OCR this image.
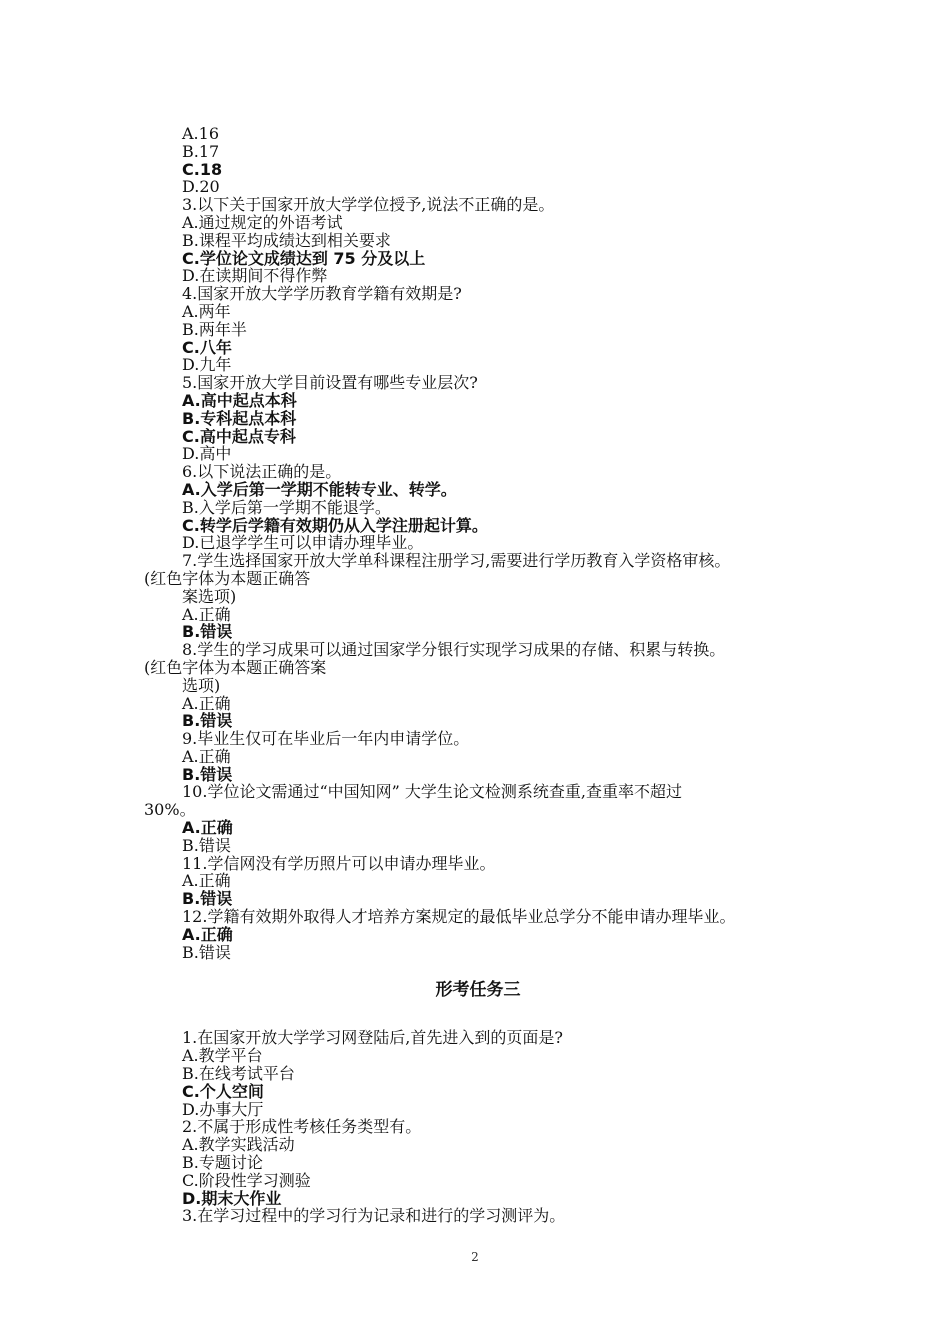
A.16
B.17
C.18
D.20
3.以下关于国家开放大学学位授予,说法不正确的是。
A.通过规定的外语考试
B.课程平均成绩达到相关要求
C.学位论文成绩达到 75 分及以上
D.在读期间不得作弊
4.国家开放大学学历教育学籍有效期是?
A.两年
B.两年半
C.八年
D.九年
5.国家开放大学目前设置有哪些专业层次?
A.高中起点本科
B.专科起点本科
C.高中起点专科
D.高中
6.以下说法正确的是。
A.入学后第一学期不能转专业、转学。
B.入学后第一学期不能退学。
C.转学后学籍有效期仍从入学注册起计算。
D.已退学学生可以申请办理毕业。
7.学生选择国家开放大学单科课程注册学习,需要进行学历教育入学资格审核。
(红色字体为本题正确答
案选项)
A.正确
B.错误
8.学生的学习成果可以通过国家学分银行实现学习成果的存储、积累与转换。
(红色字体为本题正确答案
选项)
A.正确
B.错误
9.毕业生仅可在毕业后一年内申请学位。
A.正确
B.错误
10.学位论文需通过“中国知网” 大学生论文检测系统查重,查重率不超过
30%。
A.正确
B.错误
11.学信网没有学历照片可以申请办理毕业。
A.正确
B.错误
12.学籍有效期外取得人才培养方案规定的最低毕业总学分不能申请办理毕业。
A.正确
B.错误
形考任务三
1.在国家开放大学学习网登陆后,首先进入到的页面是?
A.教学平台
B.在线考试平台
C.个人空间
D.办事大厅
2.不属于形成性考核任务类型有。
A.教学实践活动
B.专题讨论
C.阶段性学习测验
D.期末大作业
3.在学习过程中的学习行为记录和进行的学习测评为。
2
